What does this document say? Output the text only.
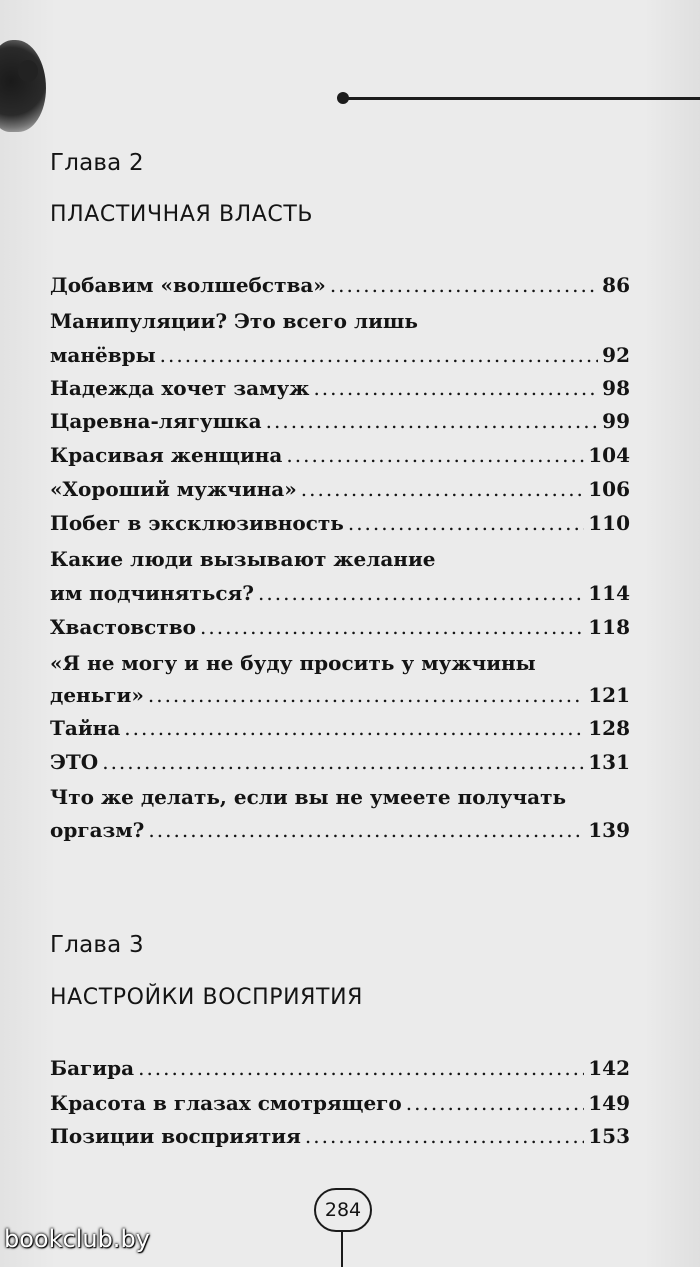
Глава 2
ПЛАСТИЧНАЯ ВЛАСТЬ
Добавим «волшебства» .....	86
Манипуляции? Это всего лишь
манёвры .....	92
Надежда хочет замуж .....	98
Царевна-лягушка .....	99
Красивая женщина .....	104
«Хороший мужчина» .....	106
Побег в эксклюзивность .....	110
Какие люди вызывают желание
им подчиняться? .....	114
Хвастовство .....	118
«Я не могу и не буду просить у мужчины
деньги» .....	121
Тайна .....	128
ЭТО .....	131
Что же делать, если вы не умеете получать
оргазм? .....	139
Глава 3
НАСТРОЙКИ ВОСПРИЯТИЯ
Багира .....	142
Красота в глазах смотрящего .....	149
Позиции восприятия .....	153
284
bookclub.by
